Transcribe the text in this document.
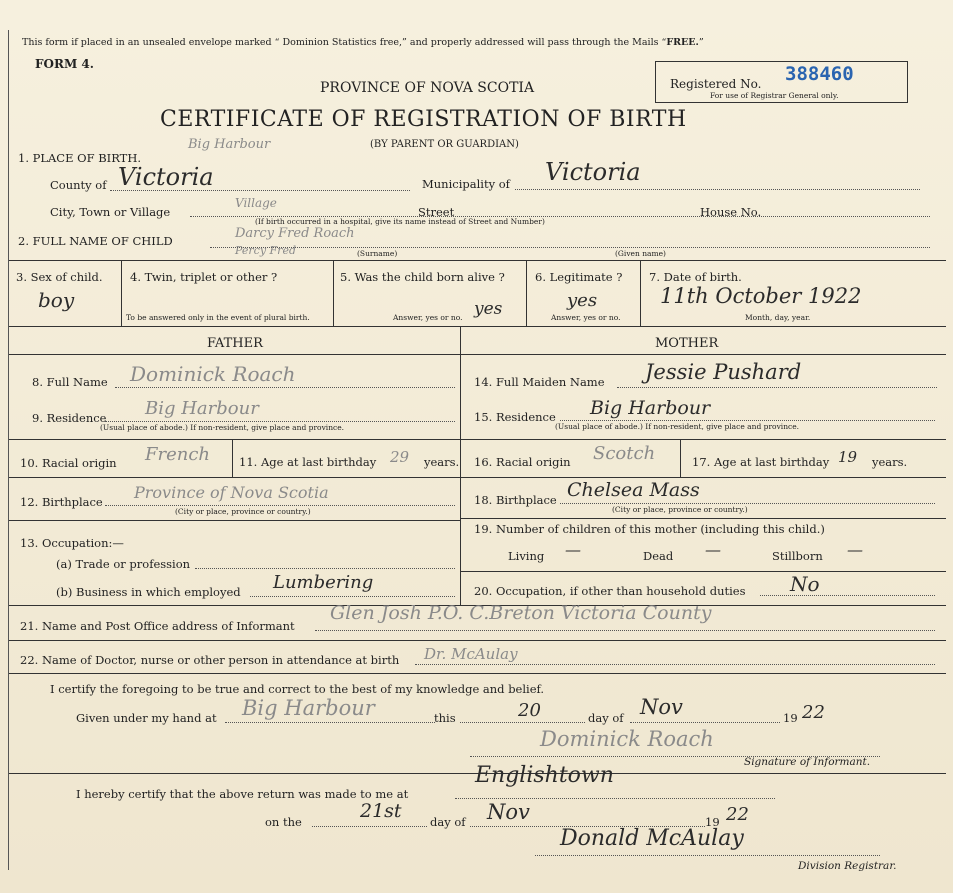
This form if placed in an unsealed envelope marked “ Dominion Statistics free,” and properly addressed will pass through the Mails “FREE.”
FORM 4.
PROVINCE OF NOVA SCOTIA
CERTIFICATE OF REGISTRATION OF BIRTH
(BY PARENT OR GUARDIAN)
Registered No. 388460
For use of Registrar General only.
1. PLACE OF BIRTH.
Big Harbour
County of Victoria	Municipality of Victoria
City, Town or Village
Village
Street	House No.
(If birth occurred in a hospital, give its name instead of Street and Number)
2. FULL NAME OF CHILD	Darcy Fred Roach
Percy Fred	(Surname)	(Given name)
3. Sex of child.
boy
4. Twin, triplet or other ?
To be answered only in the event of plural birth.
5. Was the child born alive ?
Answer, yes or no. yes
6. Legitimate ?
yes
Answer, yes or no.
7. Date of birth.
11th October 1922
Month, day, year.
FATHER	MOTHER
8. Full Name Dominick Roach
9. Residence Big Harbour
(Usual place of abode.) If non-resident, give place and province.
10. Racial origin French	11. Age at last birthday 29 years.
12. Birthplace Province of Nova Scotia
(City or place, province or country.)
13. Occupation:—
(a) Trade or profession
(b) Business in which employed Lumbering
14. Full Maiden Name Jessie Pushard
15. Residence Big Harbour
(Usual place of abode.) If non-resident, give place and province.
16. Racial origin Scotch	17. Age at last birthday 19 years.
18. Birthplace Chelsea Mass
(City or place, province or country.)
19. Number of children of this mother (including this child.)
Living —	Dead —	Stillborn —
20. Occupation, if other than household duties No
21. Name and Post Office address of Informant
Glen Josh P.O. C.Breton Victoria County
22. Name of Doctor, nurse or other person in attendance at birth Dr. McAulay
I certify the foregoing to be true and correct to the best of my knowledge and belief.
Given under my hand at Big Harbour	this	20	day of Nov	19 22
Dominick Roach
Signature of Informant.
I hereby certify that the above return was made to me at
Englishtown
on the	21st day of Nov	19 22
Donald McAulay
Division Registrar.
